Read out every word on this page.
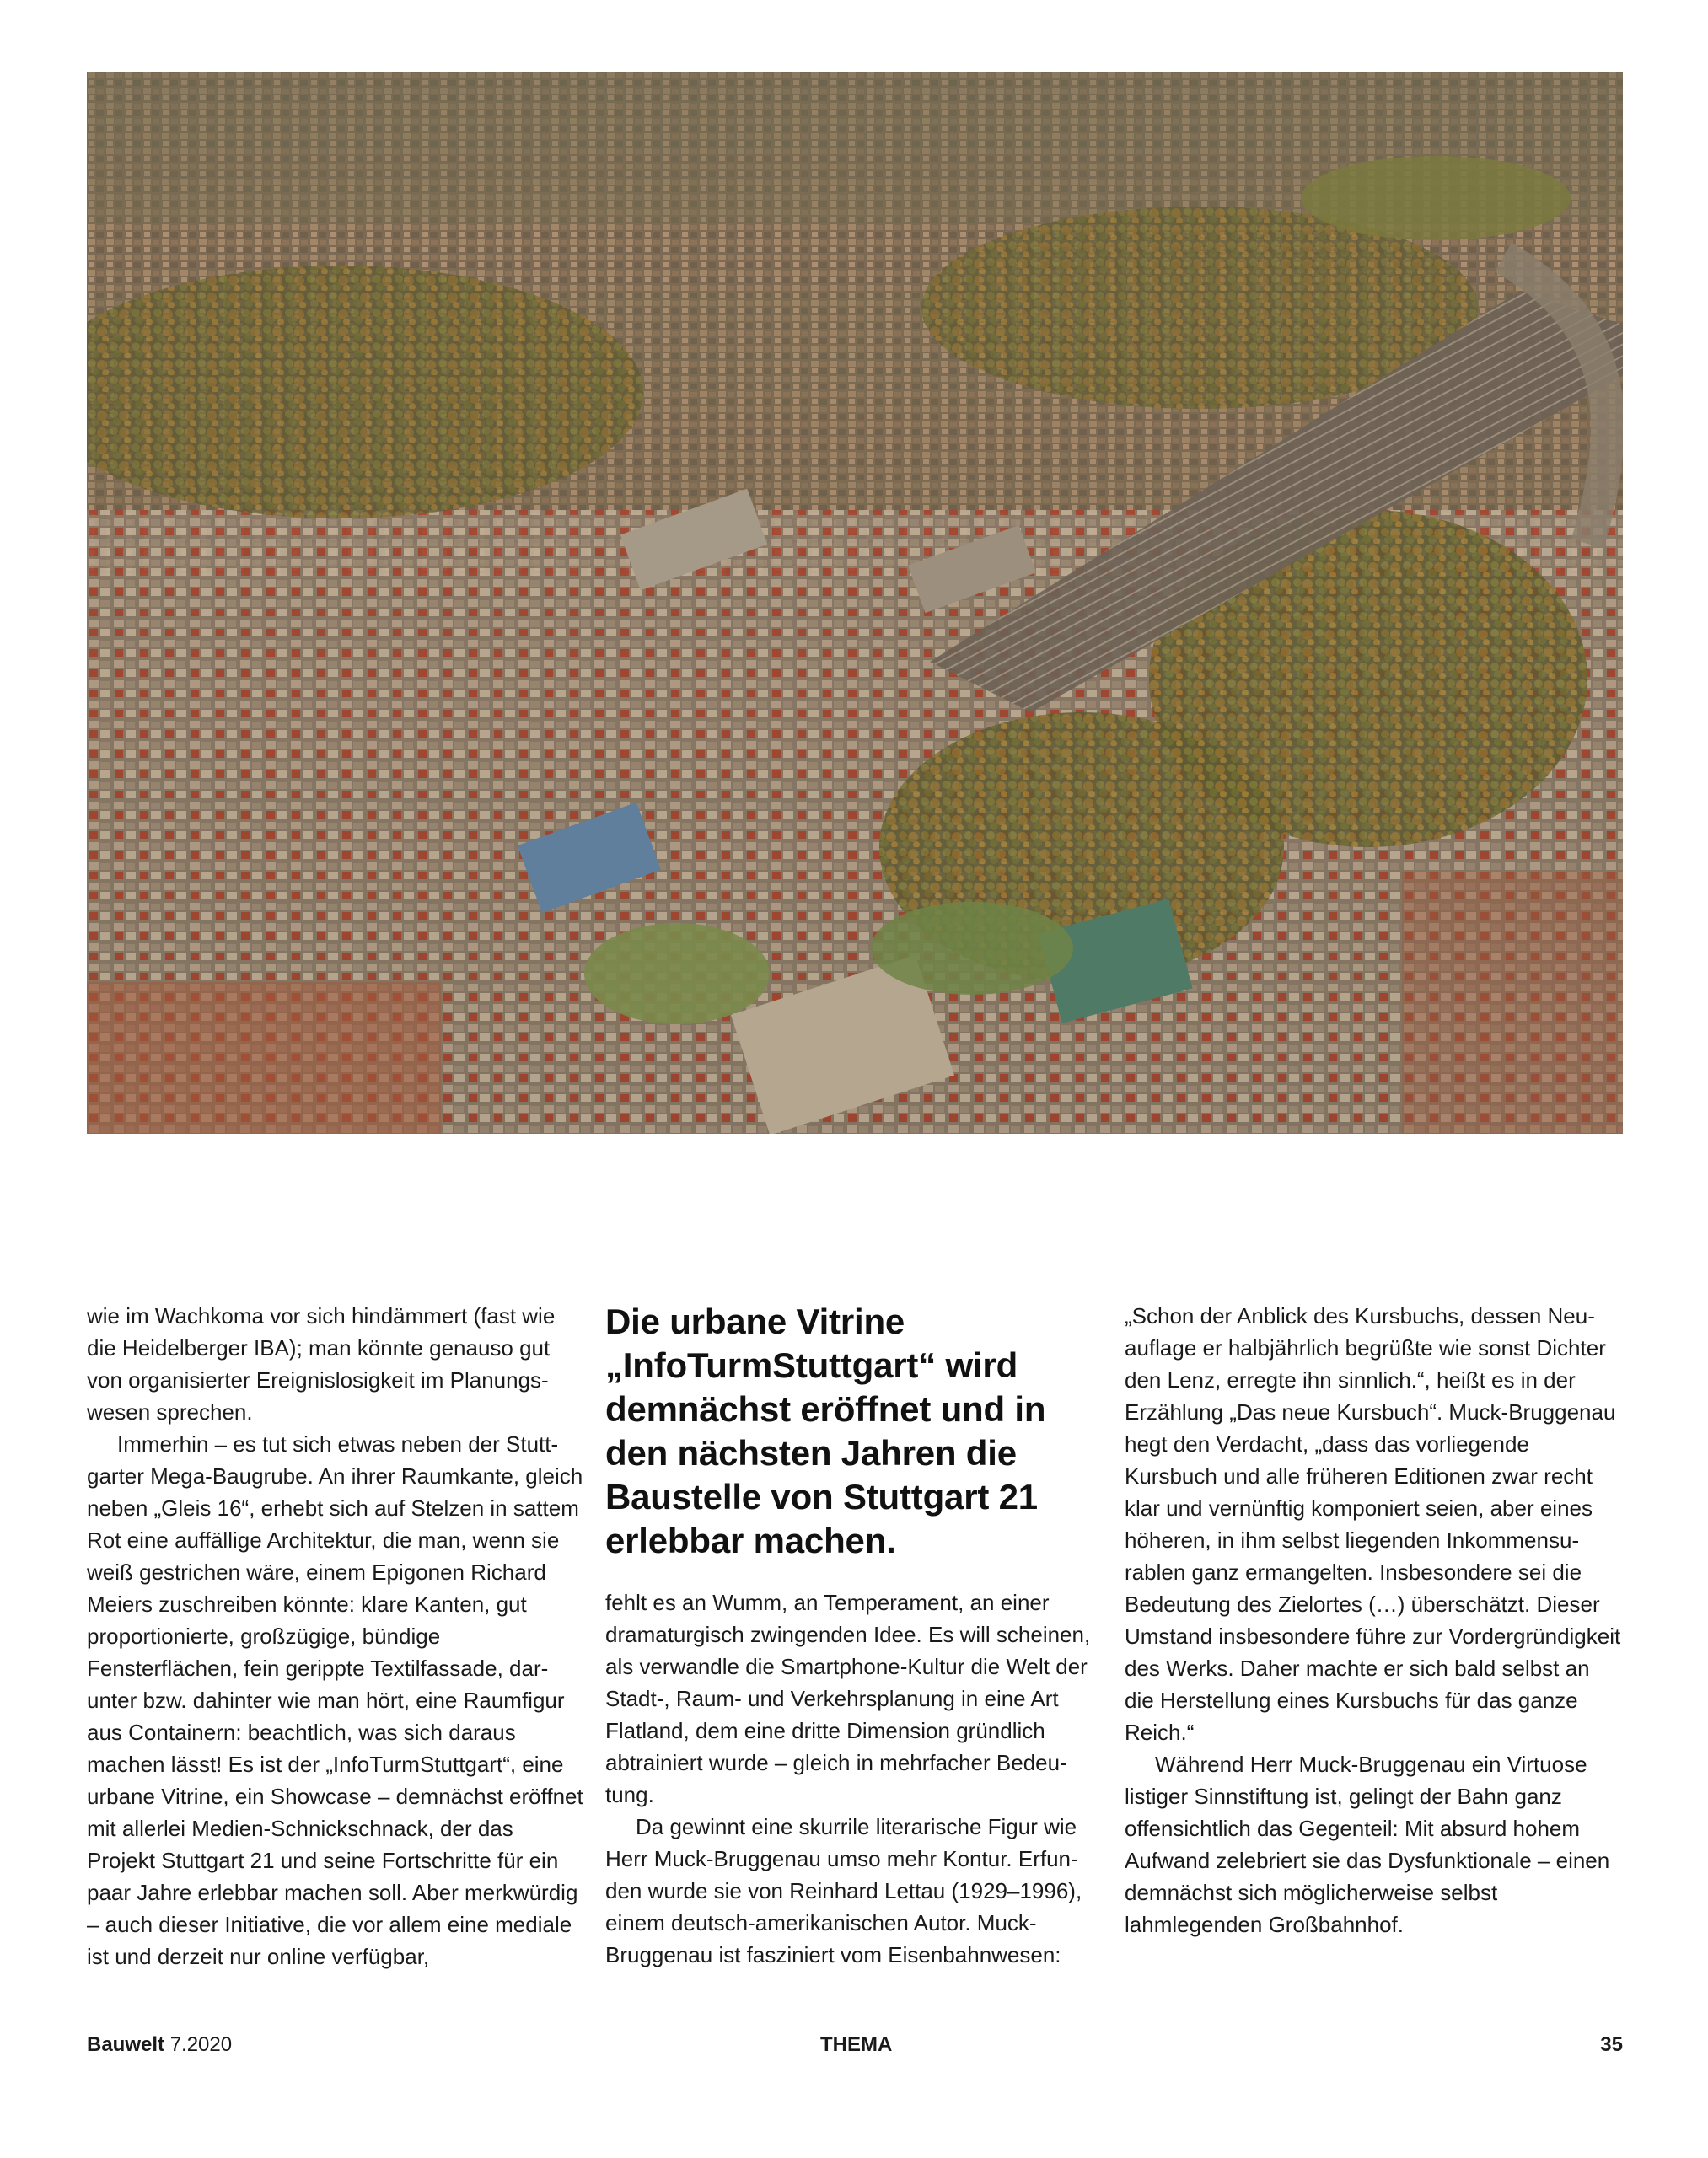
wie im Wachkoma vor sich hindämmert (fast wie die Heidelberger IBA); man könnte genauso gut von organisierter Ereignislosigkeit im Planungswesen sprechen.

Immerhin – es tut sich etwas neben der Stuttgarter Mega-Baugrube. An ihrer Raumkante, gleich neben „Gleis 16“, erhebt sich auf Stelzen in sattem Rot eine auffällige Architektur, die man, wenn sie weiß gestrichen wäre, einem Epigonen Richard Meiers zuschreiben könnte: klare Kanten, gut proportionierte, großzügige, bündige Fensterflächen, fein gerippte Textilfassade, darunter bzw. dahinter wie man hört, eine Raumfigur aus Containern: beachtlich, was sich daraus machen lässt! Es ist der „InfoTurmStuttgart“, eine urbane Vitrine, ein Showcase – demnächst eröffnet mit allerlei Medien-Schnickschnack, der das Projekt Stuttgart 21 und seine Fortschritte für ein paar Jahre erlebbar machen soll. Aber merkwürdig – auch dieser Initiative, die vor allem eine mediale ist und derzeit nur online verfügbar,

Die urbane Vitrine „InfoTurmStuttgart“ wird demnächst eröffnet und in den nächsten Jahren die Baustelle von Stuttgart 21 erlebbar machen.

fehlt es an Wumm, an Temperament, an einer dramaturgisch zwingenden Idee. Es will scheinen, als verwandle die Smartphone-Kultur die Welt der Stadt-, Raum- und Verkehrsplanung in eine Art Flatland, dem eine dritte Dimension gründlich abtrainiert wurde – gleich in mehrfacher Bedeutung.

Da gewinnt eine skurrile literarische Figur wie Herr Muck-Bruggenau umso mehr Kontur. Erfunden wurde sie von Reinhard Lettau (1929–1996), einem deutsch-amerikanischen Autor. Muck-Bruggenau ist fasziniert vom Eisenbahnwesen:

„Schon der Anblick des Kursbuchs, dessen Neuauflage er halbjährlich begrüßte wie sonst Dichter den Lenz, erregte ihn sinnlich.“, heißt es in der Erzählung „Das neue Kursbuch“. Muck-Bruggenau hegt den Verdacht, „dass das vorliegende Kursbuch und alle früheren Editionen zwar recht klar und vernünftig komponiert seien, aber eines höheren, in ihm selbst liegenden Inkommensurablen ganz ermangelten. Insbesondere sei die Bedeutung des Zielortes (…) überschätzt. Dieser Umstand insbesondere führe zur Vordergründigkeit des Werks. Daher machte er sich bald selbst an die Herstellung eines Kursbuchs für das ganze Reich.“

Während Herr Muck-Bruggenau ein Virtuose listiger Sinnstiftung ist, gelingt der Bahn ganz offensichtlich das Gegenteil: Mit absurd hohem Aufwand zelebriert sie das Dysfunktionale – einen demnächst sich möglicherweise selbst lahmlegenden Großbahnhof.

Bauwelt 7.2020	THEMA	35
